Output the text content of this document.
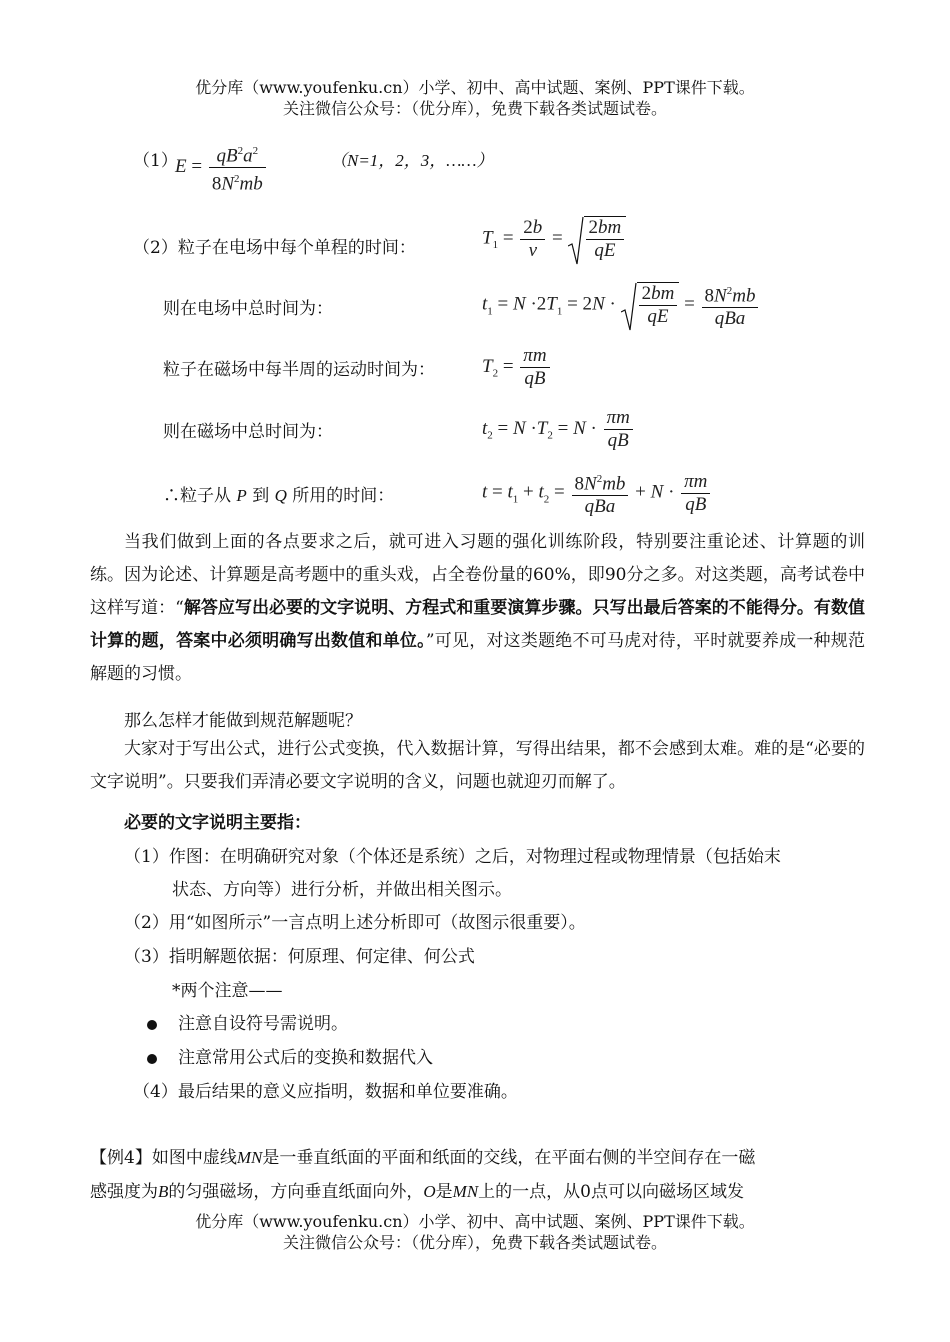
优分库（www.youfenku.cn）小学、初中、高中试题、案例、PPT课件下载。
关注微信公众号：（优分库），免费下载各类试题试卷。
（1）
$E = \frac{qB^2a^2}{8N^2mb}$	（N=1，2，3，……）
（2）粒子在电场中每个单程的时间：	$T_1 = \frac{2b}{v} = \frac{2bm}{qE}$
则在电场中总时间为：	$t_1 = N \cdot 2T_1 = 2N \cdot \frac{2bm}{qE} = \frac{8N^2mb}{\text{qBa}}$
粒子在磁场中每半周的运动时间为： $T_2 = \frac{\pi m}{qB}$
则在磁场中总时间为：	$t_2 = N \cdot T_2 = N \cdot \frac{\pi m}{qB}$
∴粒子从 P 到 Q 所用的时间：	$t = t_1 + t_2 = \frac{8N^2mb}{\text{qBa}} + N \cdot \frac{\pi m}{qB}$
当我们做到上面的各点要求之后，就可进入习题的强化训练阶段，特别要注重论述、计算题的训练。因为论述、计算题是高考题中的重头戏，占全卷份量的60%，即90分之多。对这类题，高考试卷中这样写道：“解答应写出必要的文字说明、方程式和重要演算步骤。只写出最后答案的不能得分。有数值计算的题，答案中必须明确写出数值和单位。”可见，对这类题绝不可马虎对待，平时就要养成一种规范解题的习惯。
那么怎样才能做到规范解题呢？
大家对于写出公式，进行公式变换，代入数据计算，写得出结果，都不会感到太难。难的是“必要的文字说明”。只要我们弄清必要文字说明的含义，问题也就迎刃而解了。
必要的文字说明主要指：
（1）作图：在明确研究对象（个体还是系统）之后，对物理过程或物理情景（包括始末
状态、方向等）进行分析，并做出相关图示。
（2）用“如图所示”一言点明上述分析即可（故图示很重要）。
（3）指明解题依据：何原理、何定律、何公式
*两个注意——
注意自设符号需说明。
注意常用公式后的变换和数据代入
（4）最后结果的意义应指明，数据和单位要准确。
【例4】如图中虚线MN是一垂直纸面的平面和纸面的交线，在平面右侧的半空间存在一磁
感强度为B的匀强磁场，方向垂直纸面向外，O是MN上的一点，从0点可以向磁场区域发
优分库（www.youfenku.cn）小学、初中、高中试题、案例、PPT课件下载。
关注微信公众号：（优分库），免费下载各类试题试卷。
